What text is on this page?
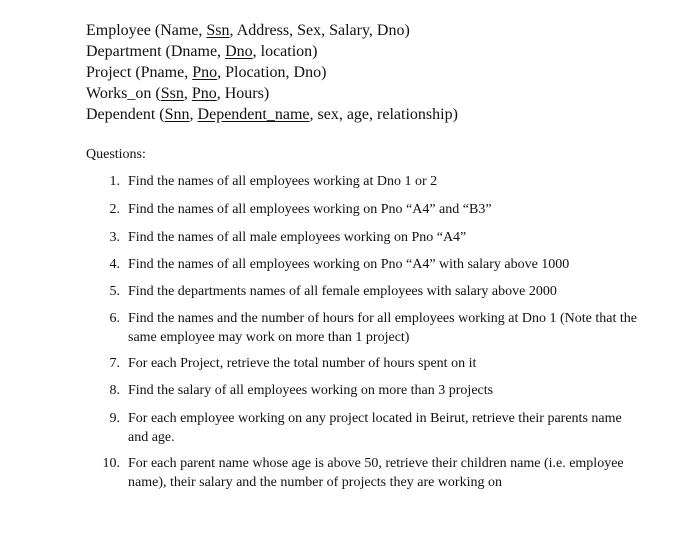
Employee (Name, Ssn, Address, Sex, Salary, Dno)
Department (Dname, Dno, location)
Project (Pname, Pno, Plocation, Dno)
Works_on (Ssn, Pno, Hours)
Dependent (Snn, Dependent_name, sex, age, relationship)
Questions:
1. Find the names of all employees working at Dno 1 or 2
2. Find the names of all employees working on Pno “A4” and “B3”
3. Find the names of all male employees working on Pno “A4”
4. Find the names of all employees working on Pno “A4” with salary above 1000
5. Find the departments names of all female employees with salary above 2000
6. Find the names and the number of hours for all employees working at Dno 1 (Note that the same employee may work on more than 1 project)
7. For each Project, retrieve the total number of hours spent on it
8. Find the salary of all employees working on more than 3 projects
9. For each employee working on any project located in Beirut, retrieve their parents name and age.
10. For each parent name whose age is above 50, retrieve their children name (i.e. employee name), their salary and the number of projects they are working on
